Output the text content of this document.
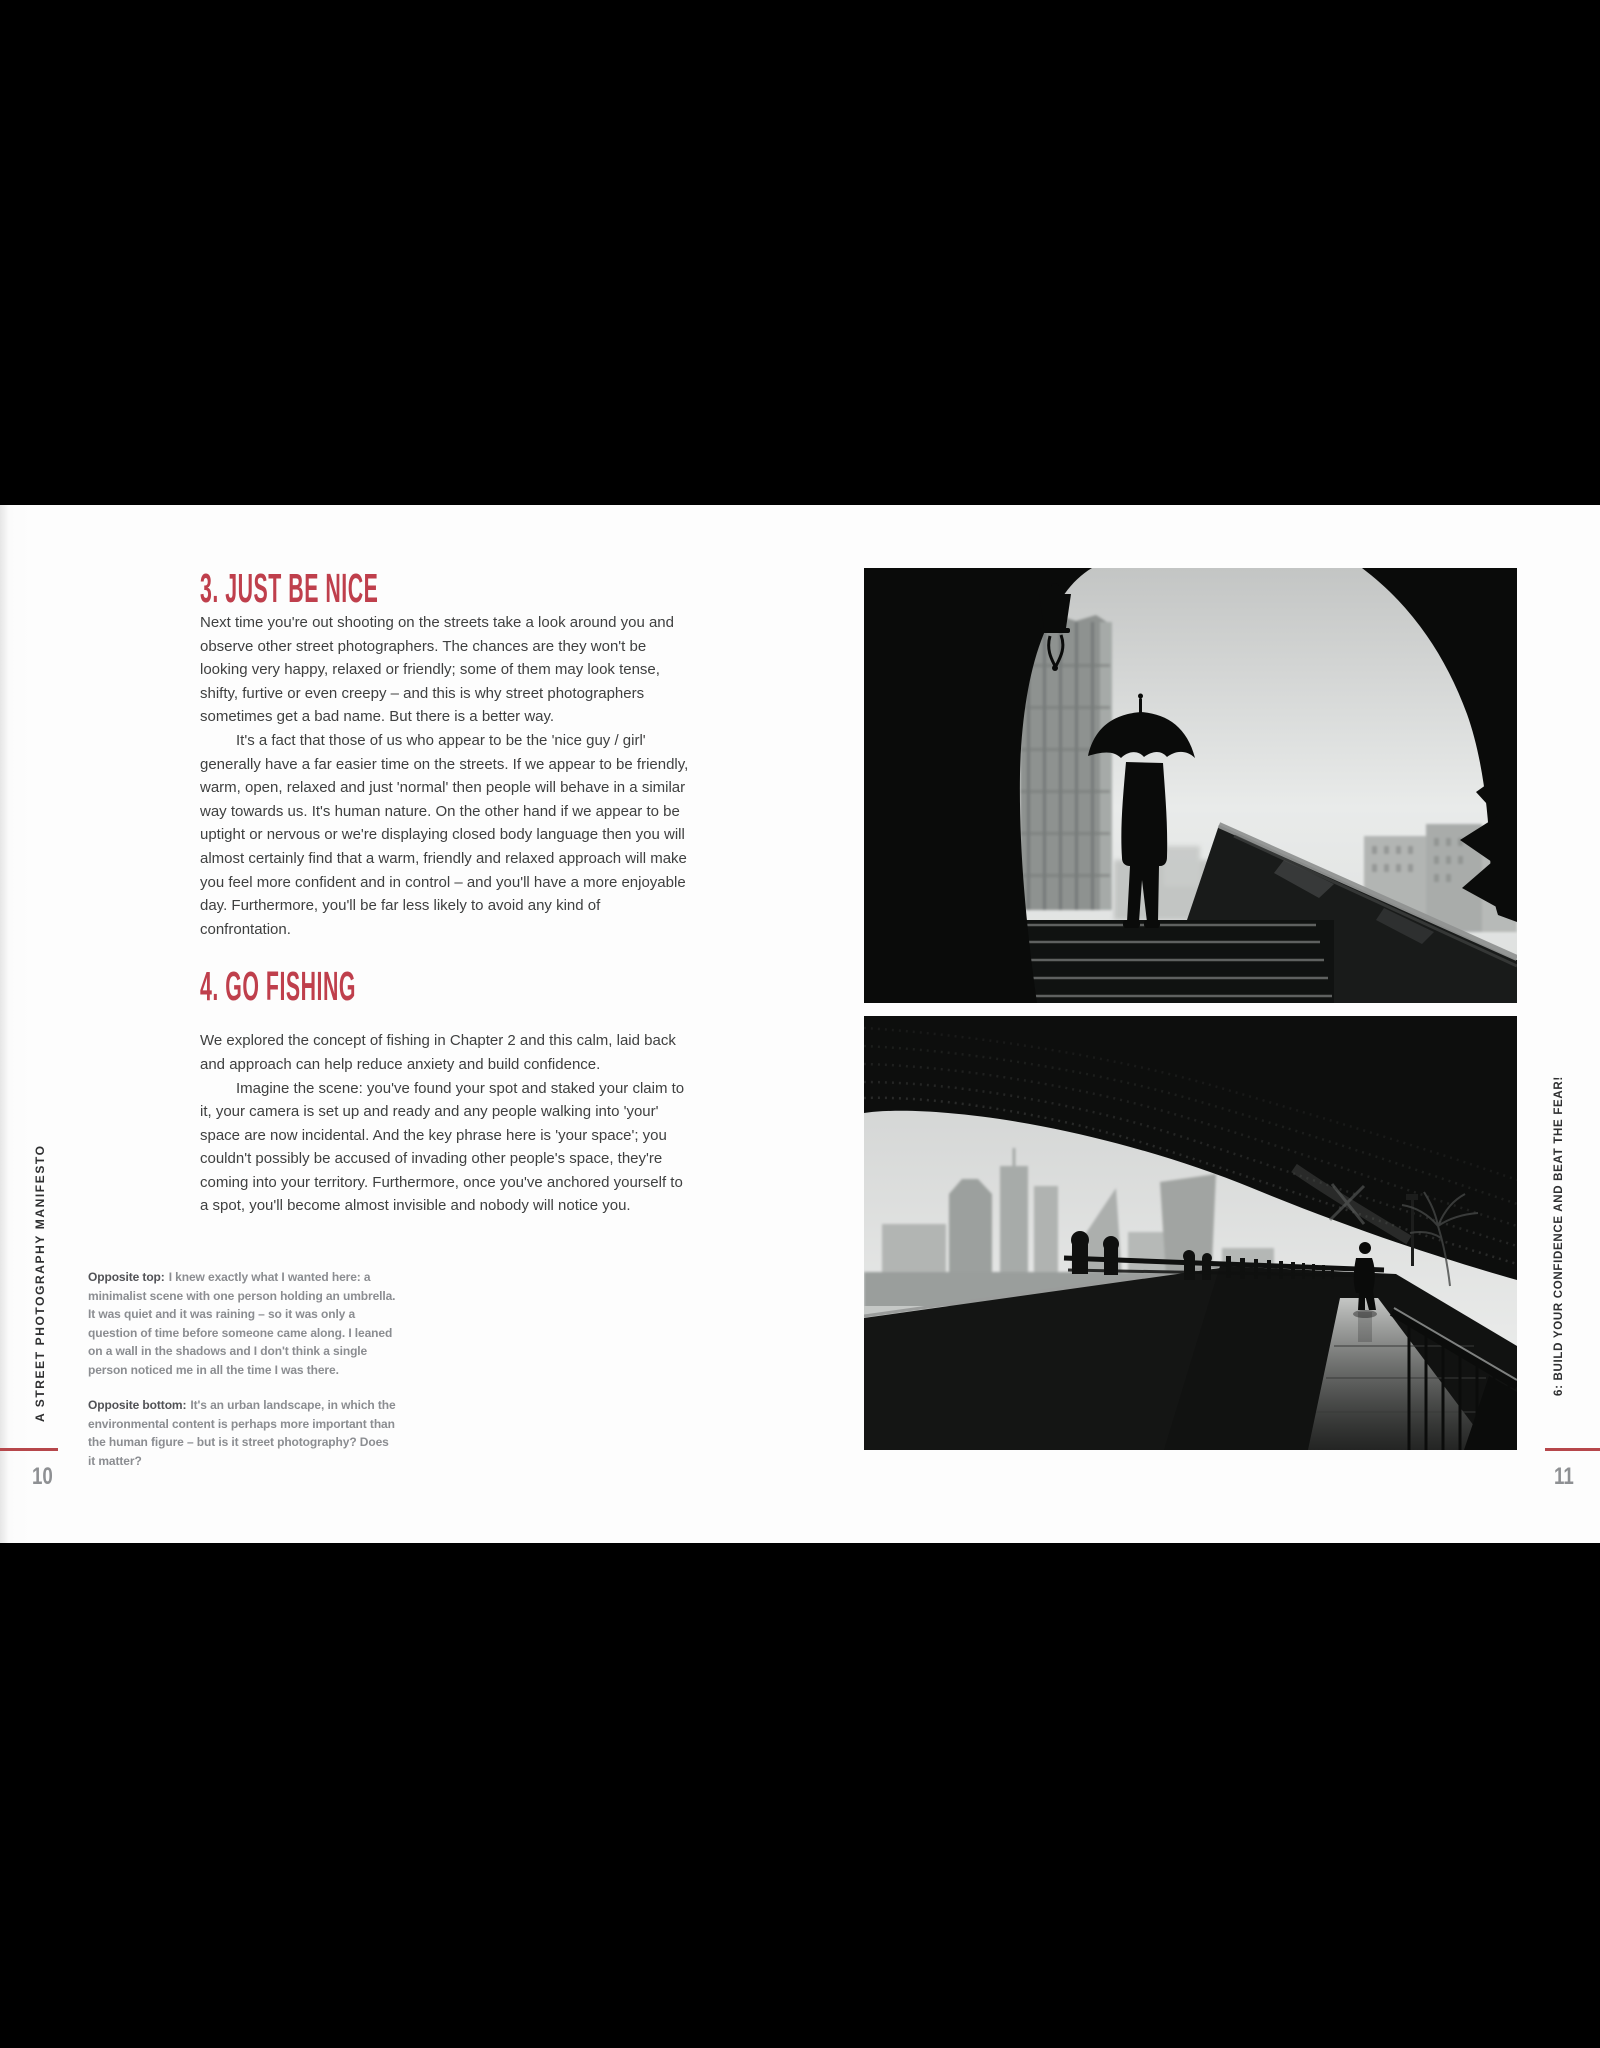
3. JUST BE NICE

Next time you're out shooting on the streets take a look around you and observe other street photographers. The chances are they won't be looking very happy, relaxed or friendly; some of them may look tense, shifty, furtive or even creepy – and this is why street photographers sometimes get a bad name. But there is a better way.

It's a fact that those of us who appear to be the 'nice guy / girl' generally have a far easier time on the streets. If we appear to be friendly, warm, open, relaxed and just 'normal' then people will behave in a similar way towards us. It's human nature. On the other hand if we appear to be uptight or nervous or we're displaying closed body language then you will almost certainly find that a warm, friendly and relaxed approach will make you feel more confident and in control – and you'll have a more enjoyable day. Furthermore, you'll be far less likely to avoid any kind of confrontation.

4. GO FISHING

We explored the concept of fishing in Chapter 2 and this calm, laid back and approach can help reduce anxiety and build confidence.

Imagine the scene: you've found your spot and staked your claim to it, your camera is set up and ready and any people walking into 'your' space are now incidental. And the key phrase here is 'your space'; you couldn't possibly be accused of invading other people's space, they're coming into your territory. Furthermore, once you've anchored yourself to a spot, you'll become almost invisible and nobody will notice you.

Opposite top: I knew exactly what I wanted here: a minimalist scene with one person holding an umbrella. It was quiet and it was raining – so it was only a question of time before someone came along. I leaned on a wall in the shadows and I don't think a single person noticed me in all the time I was there.

Opposite bottom: It's an urban landscape, in which the environmental content is perhaps more important than the human figure – but is it street photography? Does it matter?

A STREET PHOTOGRAPHY MANIFESTO
10
6: BUILD YOUR CONFIDENCE AND BEAT THE FEAR!
11
